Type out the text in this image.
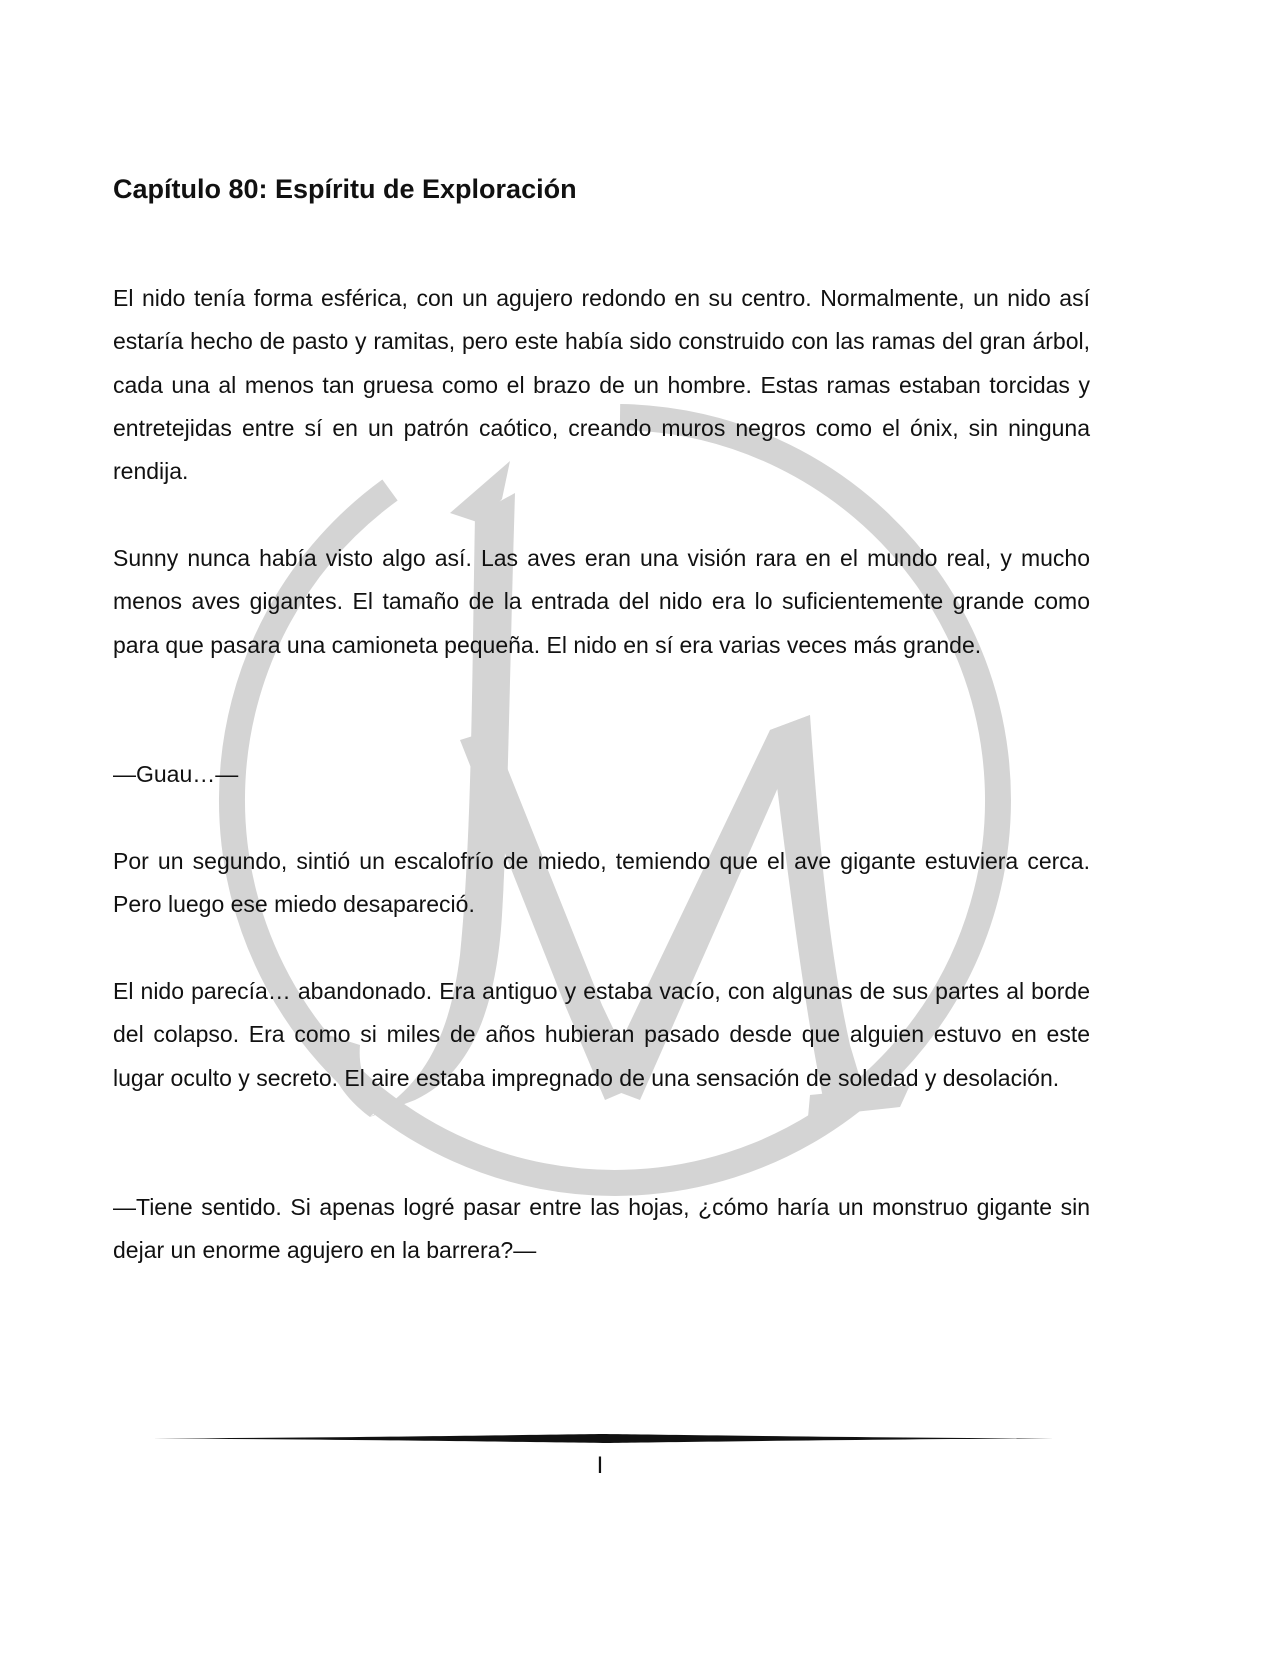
Capítulo 80: Espíritu de Exploración

El nido tenía forma esférica, con un agujero redondo en su centro. Normalmente, un nido así estaría hecho de pasto y ramitas, pero este había sido construido con las ramas del gran árbol, cada una al menos tan gruesa como el brazo de un hombre. Estas ramas estaban torcidas y entretejidas entre sí en un patrón caótico, creando muros negros como el ónix, sin ninguna rendija.

Sunny nunca había visto algo así. Las aves eran una visión rara en el mundo real, y mucho menos aves gigantes. El tamaño de la entrada del nido era lo suficientemente grande como para que pasara una camioneta pequeña. El nido en sí era varias veces más grande.

—Guau…—

Por un segundo, sintió un escalofrío de miedo, temiendo que el ave gigante estuviera cerca. Pero luego ese miedo desapareció.

El nido parecía… abandonado. Era antiguo y estaba vacío, con algunas de sus partes al borde del colapso. Era como si miles de años hubieran pasado desde que alguien estuvo en este lugar oculto y secreto. El aire estaba impregnado de una sensación de soledad y desolación.

—Tiene sentido. Si apenas logré pasar entre las hojas, ¿cómo haría un monstruo gigante sin dejar un enorme agujero en la barrera?—

I
